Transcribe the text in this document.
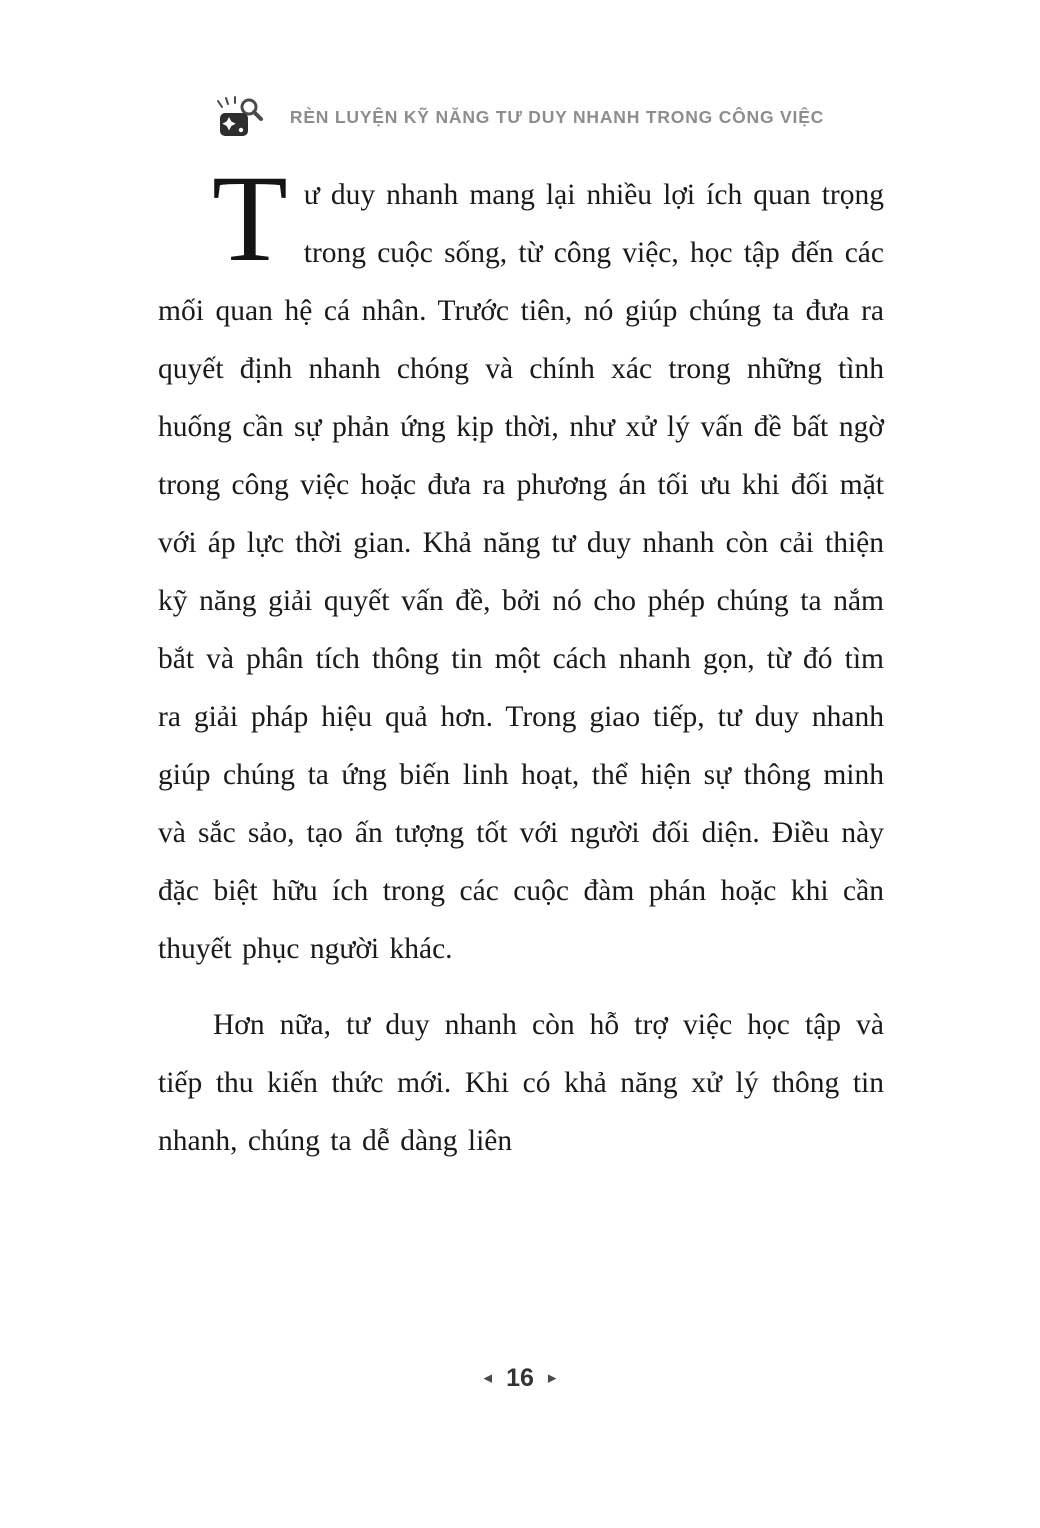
RÈN LUYỆN KỸ NĂNG TƯ DUY NHANH TRONG CÔNG VIỆC

Tư duy nhanh mang lại nhiều lợi ích quan trọng trong cuộc sống, từ công việc, học tập đến các mối quan hệ cá nhân. Trước tiên, nó giúp chúng ta đưa ra quyết định nhanh chóng và chính xác trong những tình huống cần sự phản ứng kịp thời, như xử lý vấn đề bất ngờ trong công việc hoặc đưa ra phương án tối ưu khi đối mặt với áp lực thời gian. Khả năng tư duy nhanh còn cải thiện kỹ năng giải quyết vấn đề, bởi nó cho phép chúng ta nắm bắt và phân tích thông tin một cách nhanh gọn, từ đó tìm ra giải pháp hiệu quả hơn. Trong giao tiếp, tư duy nhanh giúp chúng ta ứng biến linh hoạt, thể hiện sự thông minh và sắc sảo, tạo ấn tượng tốt với người đối diện. Điều này đặc biệt hữu ích trong các cuộc đàm phán hoặc khi cần thuyết phục người khác.

Hơn nữa, tư duy nhanh còn hỗ trợ việc học tập và tiếp thu kiến thức mới. Khi có khả năng xử lý thông tin nhanh, chúng ta dễ dàng liên

◂ 16 ▸
